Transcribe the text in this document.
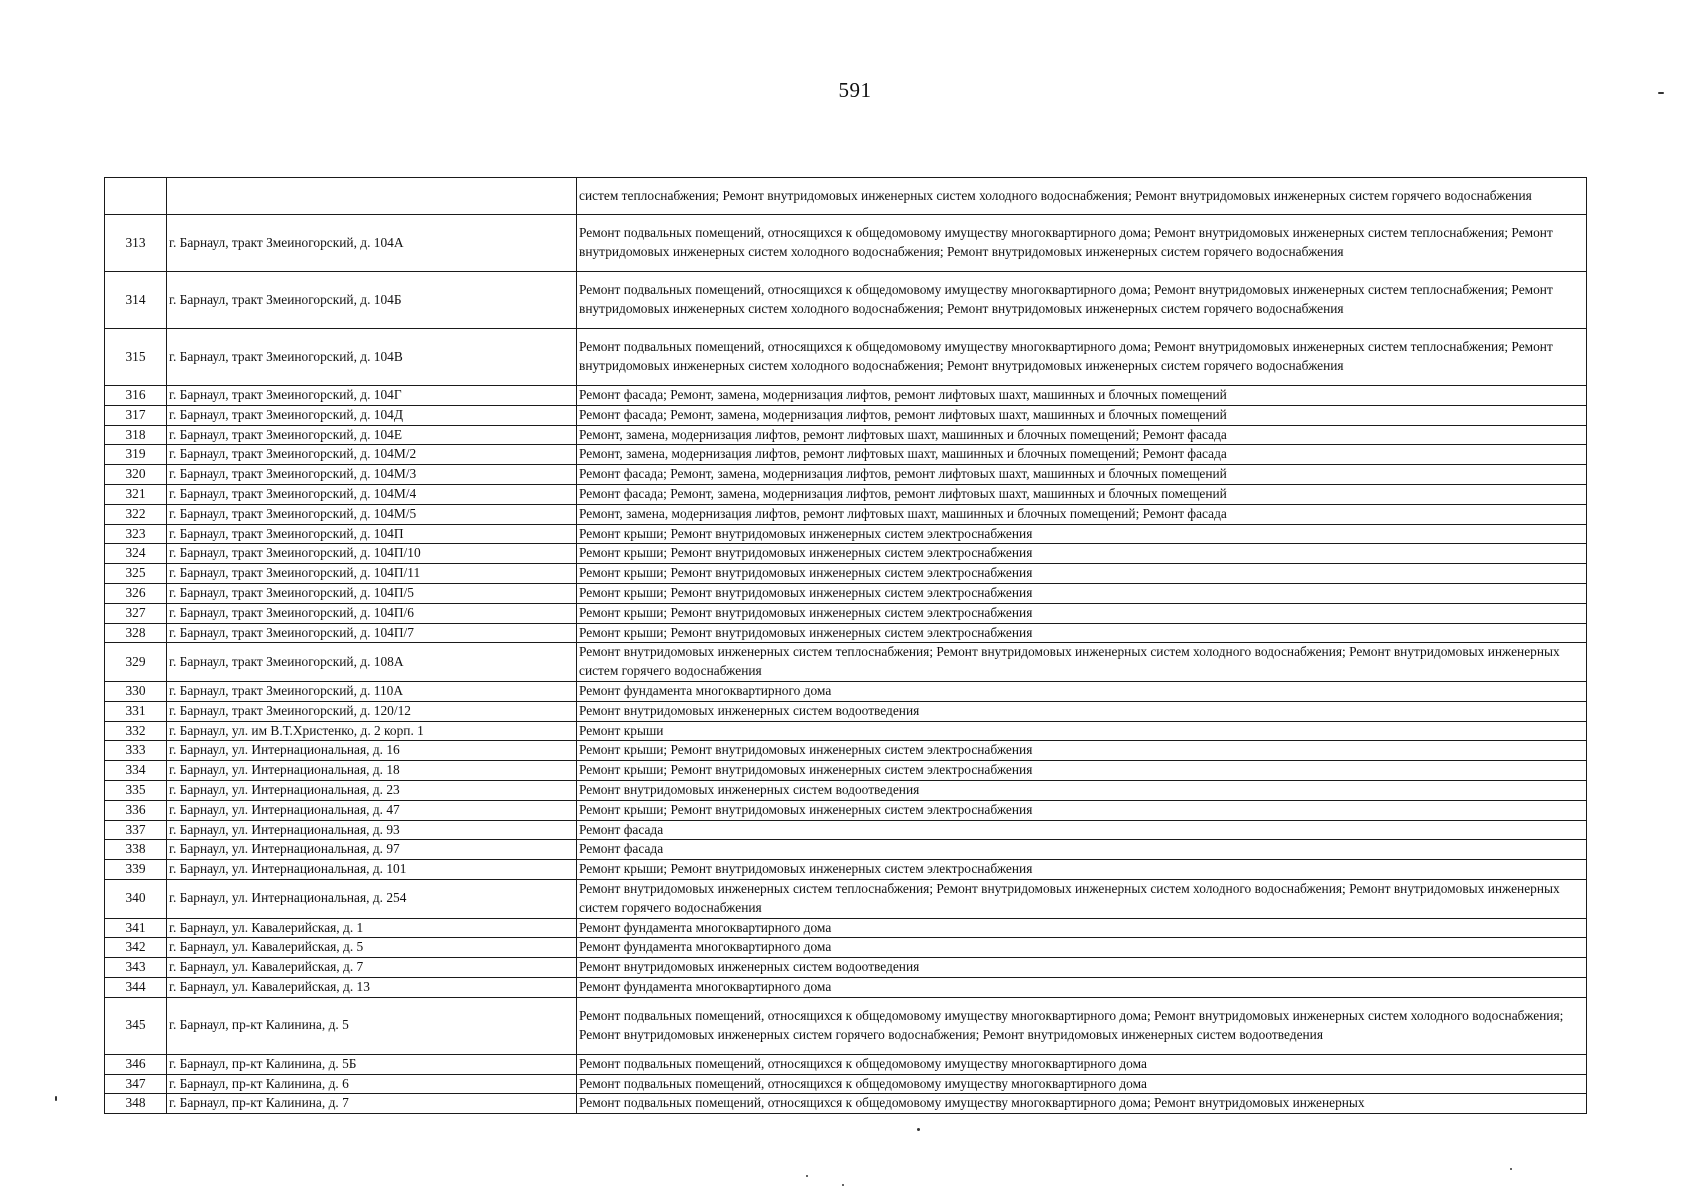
591
		систем теплоснабжения; Ремонт внутридомовых инженерных систем холодного водоснабжения; Ремонт внутридомовых инженерных систем горячего водоснабжения
313	г. Барнаул, тракт Змеиногорский, д. 104А	Ремонт подвальных помещений, относящихся к общедомовому имуществу многоквартирного дома; Ремонт внутридомовых инженерных систем теплоснабжения; Ремонт внутридомовых инженерных систем холодного водоснабжения; Ремонт внутридомовых инженерных систем горячего водоснабжения
314	г. Барнаул, тракт Змеиногорский, д. 104Б	Ремонт подвальных помещений, относящихся к общедомовому имуществу многоквартирного дома; Ремонт внутридомовых инженерных систем теплоснабжения; Ремонт внутридомовых инженерных систем холодного водоснабжения; Ремонт внутридомовых инженерных систем горячего водоснабжения
315	г. Барнаул, тракт Змеиногорский, д. 104В	Ремонт подвальных помещений, относящихся к общедомовому имуществу многоквартирного дома; Ремонт внутридомовых инженерных систем теплоснабжения; Ремонт внутридомовых инженерных систем холодного водоснабжения; Ремонт внутридомовых инженерных систем горячего водоснабжения
316	г. Барнаул, тракт Змеиногорский, д. 104Г	Ремонт фасада; Ремонт, замена, модернизация лифтов, ремонт лифтовых шахт, машинных и блочных помещений
317	г. Барнаул, тракт Змеиногорский, д. 104Д	Ремонт фасада; Ремонт, замена, модернизация лифтов, ремонт лифтовых шахт, машинных и блочных помещений
318	г. Барнаул, тракт Змеиногорский, д. 104Е	Ремонт, замена, модернизация лифтов, ремонт лифтовых шахт, машинных и блочных помещений; Ремонт фасада
319	г. Барнаул, тракт Змеиногорский, д. 104М/2	Ремонт, замена, модернизация лифтов, ремонт лифтовых шахт, машинных и блочных помещений; Ремонт фасада
320	г. Барнаул, тракт Змеиногорский, д. 104М/3	Ремонт фасада; Ремонт, замена, модернизация лифтов, ремонт лифтовых шахт, машинных и блочных помещений
321	г. Барнаул, тракт Змеиногорский, д. 104М/4	Ремонт фасада; Ремонт, замена, модернизация лифтов, ремонт лифтовых шахт, машинных и блочных помещений
322	г. Барнаул, тракт Змеиногорский, д. 104М/5	Ремонт, замена, модернизация лифтов, ремонт лифтовых шахт, машинных и блочных помещений; Ремонт фасада
323	г. Барнаул, тракт Змеиногорский, д. 104П	Ремонт крыши; Ремонт внутридомовых инженерных систем электроснабжения
324	г. Барнаул, тракт Змеиногорский, д. 104П/10	Ремонт крыши; Ремонт внутридомовых инженерных систем электроснабжения
325	г. Барнаул, тракт Змеиногорский, д. 104П/11	Ремонт крыши; Ремонт внутридомовых инженерных систем электроснабжения
326	г. Барнаул, тракт Змеиногорский, д. 104П/5	Ремонт крыши; Ремонт внутридомовых инженерных систем электроснабжения
327	г. Барнаул, тракт Змеиногорский, д. 104П/6	Ремонт крыши; Ремонт внутридомовых инженерных систем электроснабжения
328	г. Барнаул, тракт Змеиногорский, д. 104П/7	Ремонт крыши; Ремонт внутридомовых инженерных систем электроснабжения
329	г. Барнаул, тракт Змеиногорский, д. 108А	Ремонт внутридомовых инженерных систем теплоснабжения; Ремонт внутридомовых инженерных систем холодного водоснабжения; Ремонт внутридомовых инженерных систем горячего водоснабжения
330	г. Барнаул, тракт Змеиногорский, д. 110А	Ремонт фундамента многоквартирного дома
331	г. Барнаул, тракт Змеиногорский, д. 120/12	Ремонт внутридомовых инженерных систем водоотведения
332	г. Барнаул, ул. им В.Т.Христенко, д. 2 корп. 1	Ремонт крыши
333	г. Барнаул, ул. Интернациональная, д. 16	Ремонт крыши; Ремонт внутридомовых инженерных систем электроснабжения
334	г. Барнаул, ул. Интернациональная, д. 18	Ремонт крыши; Ремонт внутридомовых инженерных систем электроснабжения
335	г. Барнаул, ул. Интернациональная, д. 23	Ремонт внутридомовых инженерных систем водоотведения
336	г. Барнаул, ул. Интернациональная, д. 47	Ремонт крыши; Ремонт внутридомовых инженерных систем электроснабжения
337	г. Барнаул, ул. Интернациональная, д. 93	Ремонт фасада
338	г. Барнаул, ул. Интернациональная, д. 97	Ремонт фасада
339	г. Барнаул, ул. Интернациональная, д. 101	Ремонт крыши; Ремонт внутридомовых инженерных систем электроснабжения
340	г. Барнаул, ул. Интернациональная, д. 254	Ремонт внутридомовых инженерных систем теплоснабжения; Ремонт внутридомовых инженерных систем холодного водоснабжения; Ремонт внутридомовых инженерных систем горячего водоснабжения
341	г. Барнаул, ул. Кавалерийская, д. 1	Ремонт фундамента многоквартирного дома
342	г. Барнаул, ул. Кавалерийская, д. 5	Ремонт фундамента многоквартирного дома
343	г. Барнаул, ул. Кавалерийская, д. 7	Ремонт внутридомовых инженерных систем водоотведения
344	г. Барнаул, ул. Кавалерийская, д. 13	Ремонт фундамента многоквартирного дома
345	г. Барнаул, пр-кт Калинина, д. 5	Ремонт подвальных помещений, относящихся к общедомовому имуществу многоквартирного дома; Ремонт внутридомовых инженерных систем холодного водоснабжения; Ремонт внутридомовых инженерных систем горячего водоснабжения; Ремонт внутридомовых инженерных систем водоотведения
346	г. Барнаул, пр-кт Калинина, д. 5Б	Ремонт подвальных помещений, относящихся к общедомовому имуществу многоквартирного дома
347	г. Барнаул, пр-кт Калинина, д. 6	Ремонт подвальных помещений, относящихся к общедомовому имуществу многоквартирного дома
348	г. Барнаул, пр-кт Калинина, д. 7	Ремонт подвальных помещений, относящихся к общедомовому имуществу многоквартирного дома; Ремонт внутридомовых инженерных
